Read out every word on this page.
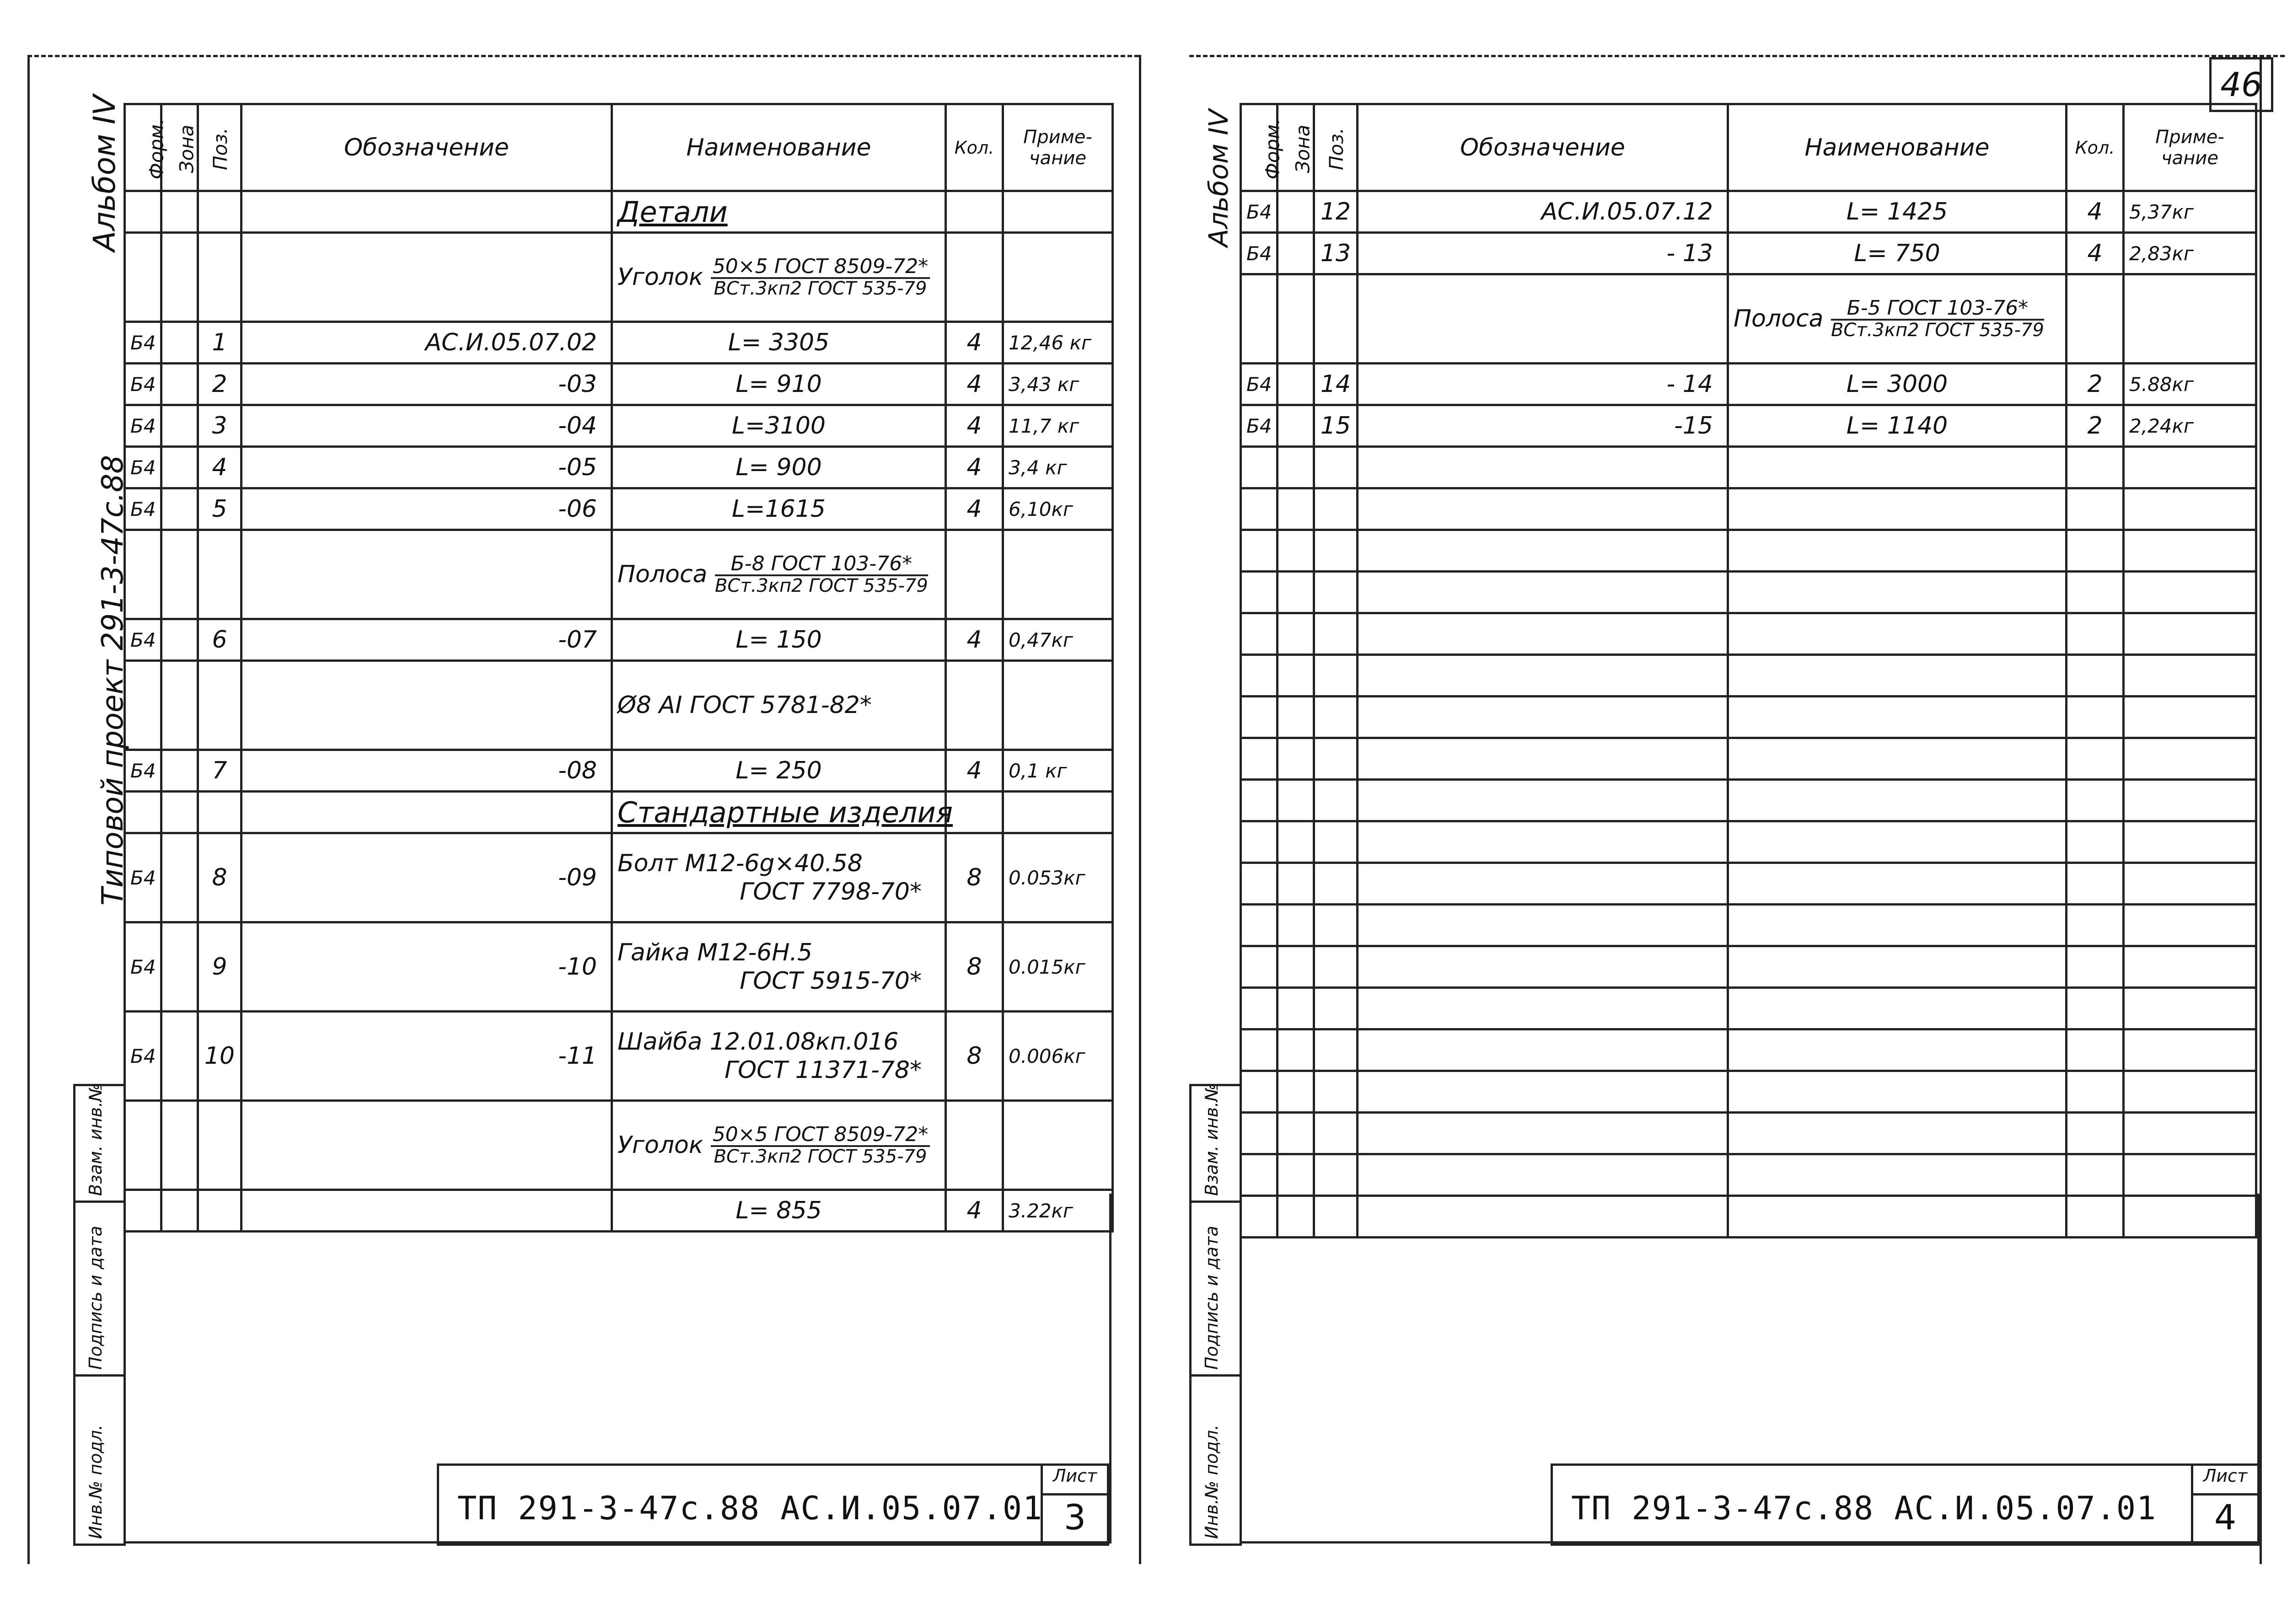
46
Альбом IV
Типовой проект 291-3-47с.88
Форм.	Зона	Поз.	Обозначение	Наименование	Кол.	Приме-чание
				Детали		
				Уголок 50×5 ГОСТ 8509-72*
ВСт.3кп2 ГОСТ 535-79		

Б4		1	АС.И.05.07.02	L= 3305	4	12,46 кг
Б4		2	-03	L= 910	4	3,43 кг
Б4		3	-04	L=3100	4	11,7 кг
Б4		4	-05	L= 900	4	3,4 кг
Б4		5	-06	L=1615	4	6,10кг
				Полоса Б-8 ГОСТ 103-76*
ВСт.3кп2 ГОСТ 535-79		

Б4		6	-07	L= 150	4	0,47кг
				Ø8 АI ГОСТ 5781-82*		
Б4		7	-08	L= 250	4	0,1 кг
				Стандартные изделия		
Б4		8	-09	Болт М12-6g×40.58
ГОСТ 7798-70*	8	0.053кг
Б4		9	-10	Гайка М12-6Н.5
ГОСТ 5915-70*	8	0.015кг
Б4		10	-11	Шайба 12.01.08кп.016
ГОСТ 11371-78*	8	0.006кг
				Уголок 50×5 ГОСТ 8509-72*
ВСт.3кп2 ГОСТ 535-79		

				L= 855	4	3.22кг
Взам. инв.№
Подпись и дата
Инв.№ подл.	ТП 291-3-47с.88 АС.И.05.07.01
Лист
3
Альбом IV Форм.	Зона	Поз.	Обозначение	Наименование	Кол.	Приме-чание
Б4		12	АС.И.05.07.12	L= 1425	4	5,37кг
Б4		13	- 13	L= 750	4	2,83кг
				Полоса Б-5 ГОСТ 103-76*
ВСт.3кп2 ГОСТ 535-79		

Б4		14	- 14	L= 3000	2	5.88кг
Б4		15	-15	L= 1140	2	2,24кг

Взам. инв.№
Подпись и дата
Инв.№ подл.	ТП 291-3-47с.88 АС.И.05.07.01
Лист
4
